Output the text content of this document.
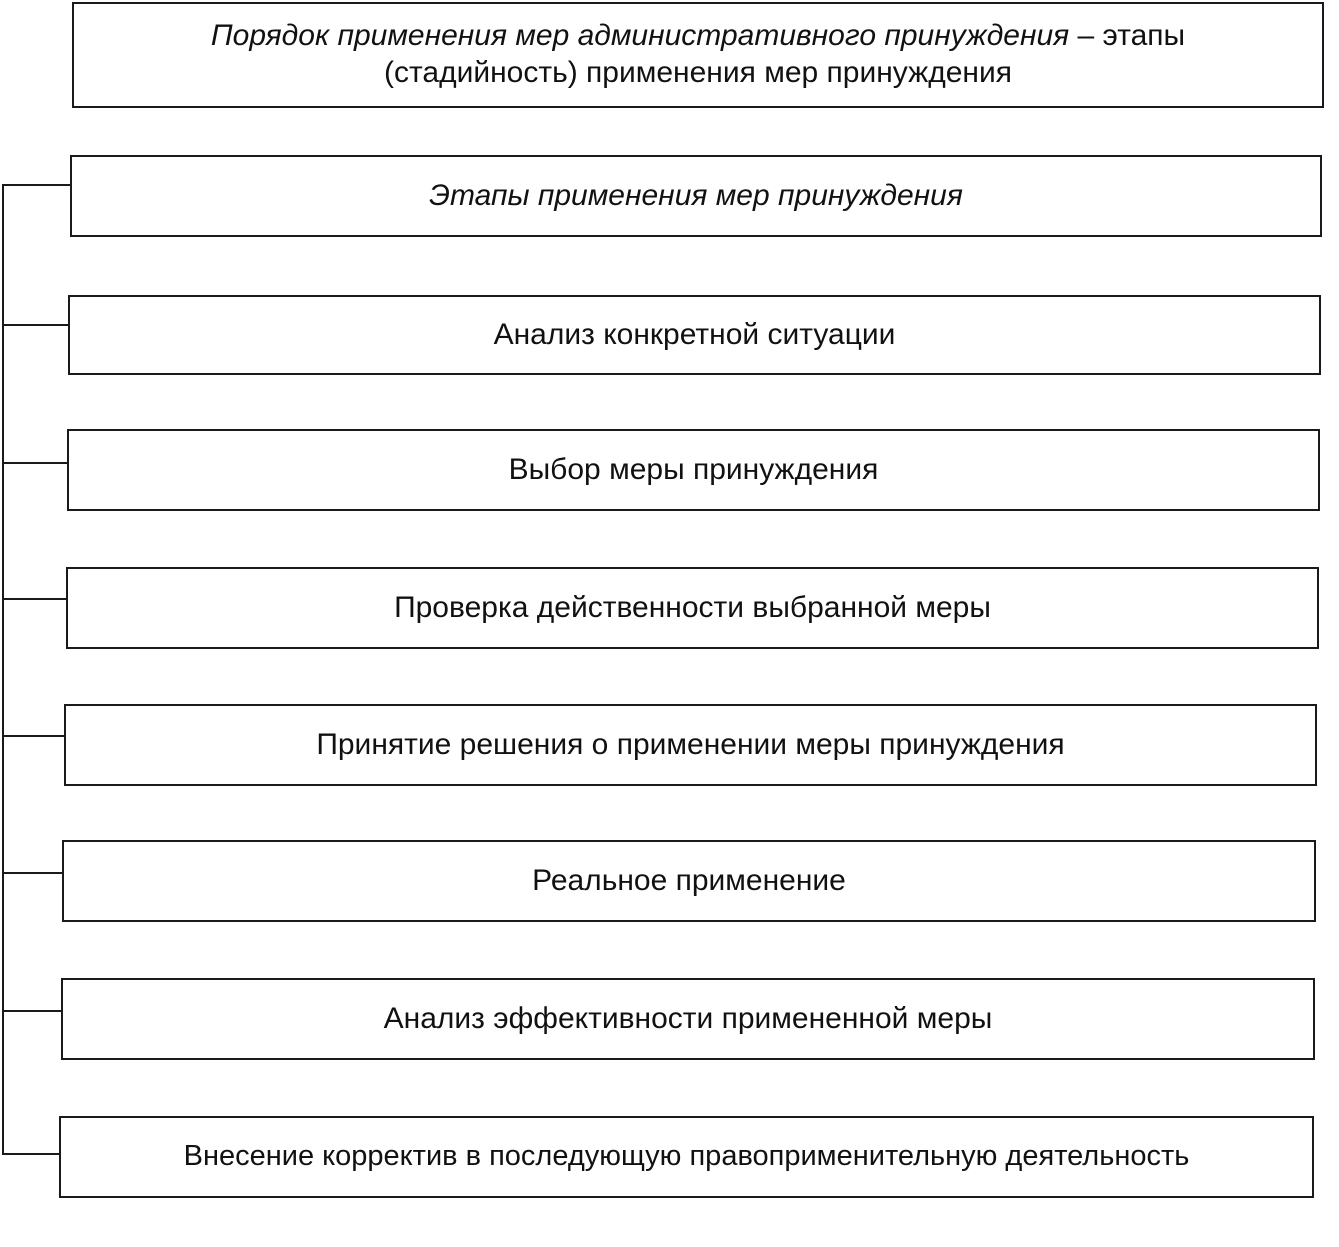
Порядок применения мер административного принуждения – этапы
(стадийность) применения мер принуждения
Этапы применения мер принуждения
Анализ конкретной ситуации
Выбор меры принуждения
Проверка действенности выбранной меры
Принятие решения о применении меры принуждения
Реальное применение
Анализ эффективности примененной меры
Внесение корректив в последующую правоприменительную деятельность
